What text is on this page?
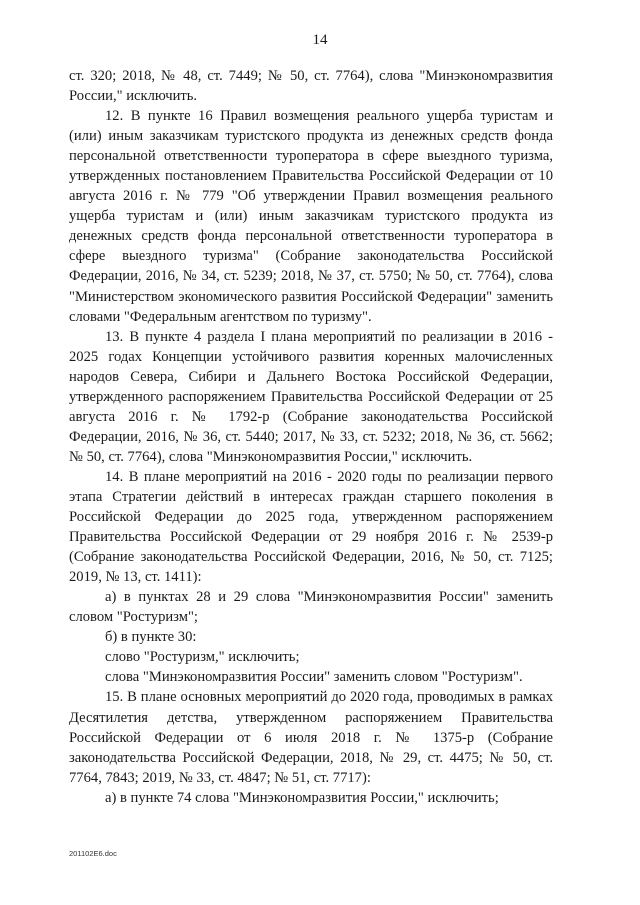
14

ст. 320; 2018, № 48, ст. 7449; № 50, ст. 7764), слова "Минэкономразвития России," исключить.

12. В пункте 16 Правил возмещения реального ущерба туристам и (или) иным заказчикам туристского продукта из денежных средств фонда персональной ответственности туроператора в сфере выездного туризма, утвержденных постановлением Правительства Российской Федерации от 10 августа 2016 г. № 779 "Об утверждении Правил возмещения реального ущерба туристам и (или) иным заказчикам туристского продукта из денежных средств фонда персональной ответственности туроператора в сфере выездного туризма" (Собрание законодательства Российской Федерации, 2016, № 34, ст. 5239; 2018, № 37, ст. 5750; № 50, ст. 7764), слова "Министерством экономического развития Российской Федерации" заменить словами "Федеральным агентством по туризму".

13. В пункте 4 раздела I плана мероприятий по реализации в 2016 - 2025 годах Концепции устойчивого развития коренных малочисленных народов Севера, Сибири и Дальнего Востока Российской Федерации, утвержденного распоряжением Правительства Российской Федерации от 25 августа 2016 г. № 1792-р (Собрание законодательства Российской Федерации, 2016, № 36, ст. 5440; 2017, № 33, ст. 5232; 2018, № 36, ст. 5662; № 50, ст. 7764), слова "Минэкономразвития России," исключить.

14. В плане мероприятий на 2016 - 2020 годы по реализации первого этапа Стратегии действий в интересах граждан старшего поколения в Российской Федерации до 2025 года, утвержденном распоряжением Правительства Российской Федерации от 29 ноября 2016 г. № 2539-р (Собрание законодательства Российской Федерации, 2016, № 50, ст. 7125; 2019, № 13, ст. 1411):

а) в пунктах 28 и 29 слова "Минэкономразвития России" заменить словом "Ростуризм";

б) в пункте 30:

слово "Ростуризм," исключить;

слова "Минэкономразвития России" заменить словом "Ростуризм".

15. В плане основных мероприятий до 2020 года, проводимых в рамках Десятилетия детства, утвержденном распоряжением Правительства Российской Федерации от 6 июля 2018 г. № 1375-р (Собрание законодательства Российской Федерации, 2018, № 29, ст. 4475; № 50, ст. 7764, 7843; 2019, № 33, ст. 4847; № 51, ст. 7717):

а) в пункте 74 слова "Минэкономразвития России," исключить;

201102E6.doc
